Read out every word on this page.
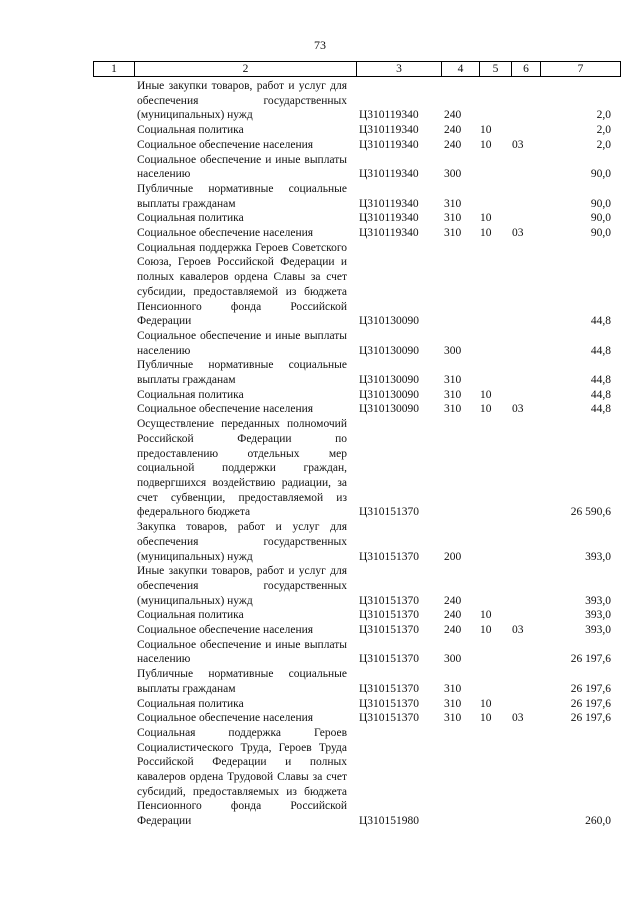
73
1	2	3	4	5	6	7
Иные закупки товаров, работ и услуг для обеспечения государственных (муниципальных) нужд	Ц310119340 240	2,0
Социальная политика	Ц310119340 240 10	2,0
Социальное обеспечение населения	Ц310119340 240 10 03	2,0
Социальное обеспечение и иные выплаты населению	Ц310119340 300	90,0
Публичные нормативные социальные выплаты гражданам	Ц310119340 310	90,0
Социальная политика	Ц310119340 310 10	90,0
Социальное обеспечение населения	Ц310119340 310 10 03	90,0
Социальная поддержка Героев Советского Союза, Героев Российской Федерации и полных кавалеров ордена Славы за счет субсидии, предоставляемой из бюджета Пенсионного фонда Российской Федерации	Ц310130090	44,8
Социальное обеспечение и иные выплаты населению	Ц310130090 300	44,8
Публичные нормативные социальные выплаты гражданам	Ц310130090 310	44,8
Социальная политика	Ц310130090 310 10	44,8
Социальное обеспечение населения	Ц310130090 310 10 03	44,8
Осуществление переданных полномочий Российской Федерации по предоставлению отдельных мер социальной поддержки граждан, подвергшихся воздействию радиации, за счет субвенции, предоставляемой из федерального бюджета	Ц310151370	26 590,6
Закупка товаров, работ и услуг для обеспечения государственных (муниципальных) нужд	Ц310151370 200	393,0
Иные закупки товаров, работ и услуг для обеспечения государственных (муниципальных) нужд	Ц310151370 240	393,0
Социальная политика	Ц310151370 240 10	393,0
Социальное обеспечение населения	Ц310151370 240 10 03	393,0
Социальное обеспечение и иные выплаты населению	Ц310151370 300	26 197,6
Публичные нормативные социальные выплаты гражданам	Ц310151370 310	26 197,6
Социальная политика	Ц310151370 310 10	26 197,6
Социальное обеспечение населения	Ц310151370 310 10 03	26 197,6
Социальная поддержка Героев Социалистического Труда, Героев Труда Российской Федерации и полных кавалеров ордена Трудовой Славы за счет субсидий, предоставляемых из бюджета Пенсионного фонда Российской Федерации	Ц310151980	260,0
